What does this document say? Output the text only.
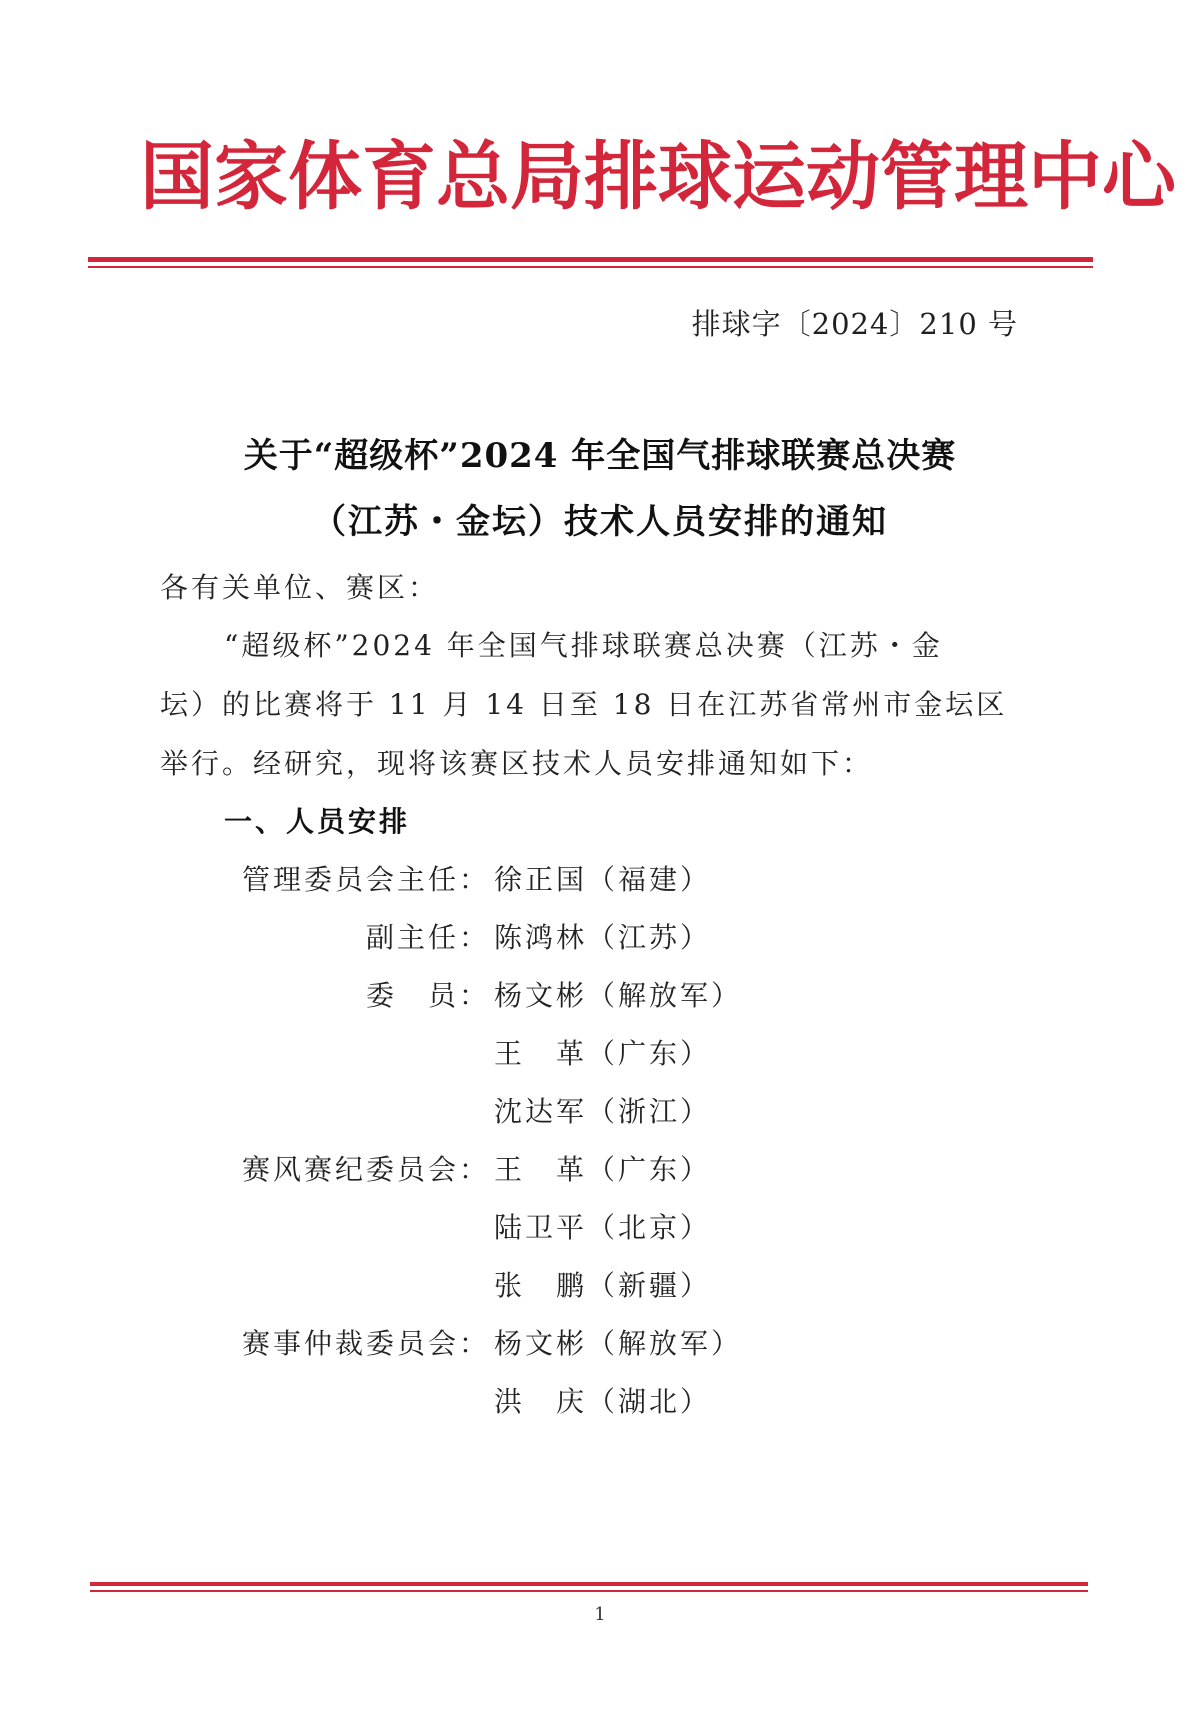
国家体育总局排球运动管理中心
排球字〔2024〕210 号
关于“超级杯”2024 年全国气排球联赛总决赛
（江苏・金坛）技术人员安排的通知
各有关单位、赛区：
“超级杯”2024 年全国气排球联赛总决赛（江苏・金
坛）的比赛将于 11 月 14 日至 18 日在江苏省常州市金坛区
举行。经研究，现将该赛区技术人员安排通知如下：
一、人员安排
管理委员会主任： 徐正国（福建）
副主任： 陈鸿林（江苏）
委　员： 杨文彬（解放军）
王　革（广东）
沈达军（浙江）
赛风赛纪委员会： 王　革（广东）
陆卫平（北京）
张　鹏（新疆）
赛事仲裁委员会： 杨文彬（解放军）
洪　庆（湖北）
1
